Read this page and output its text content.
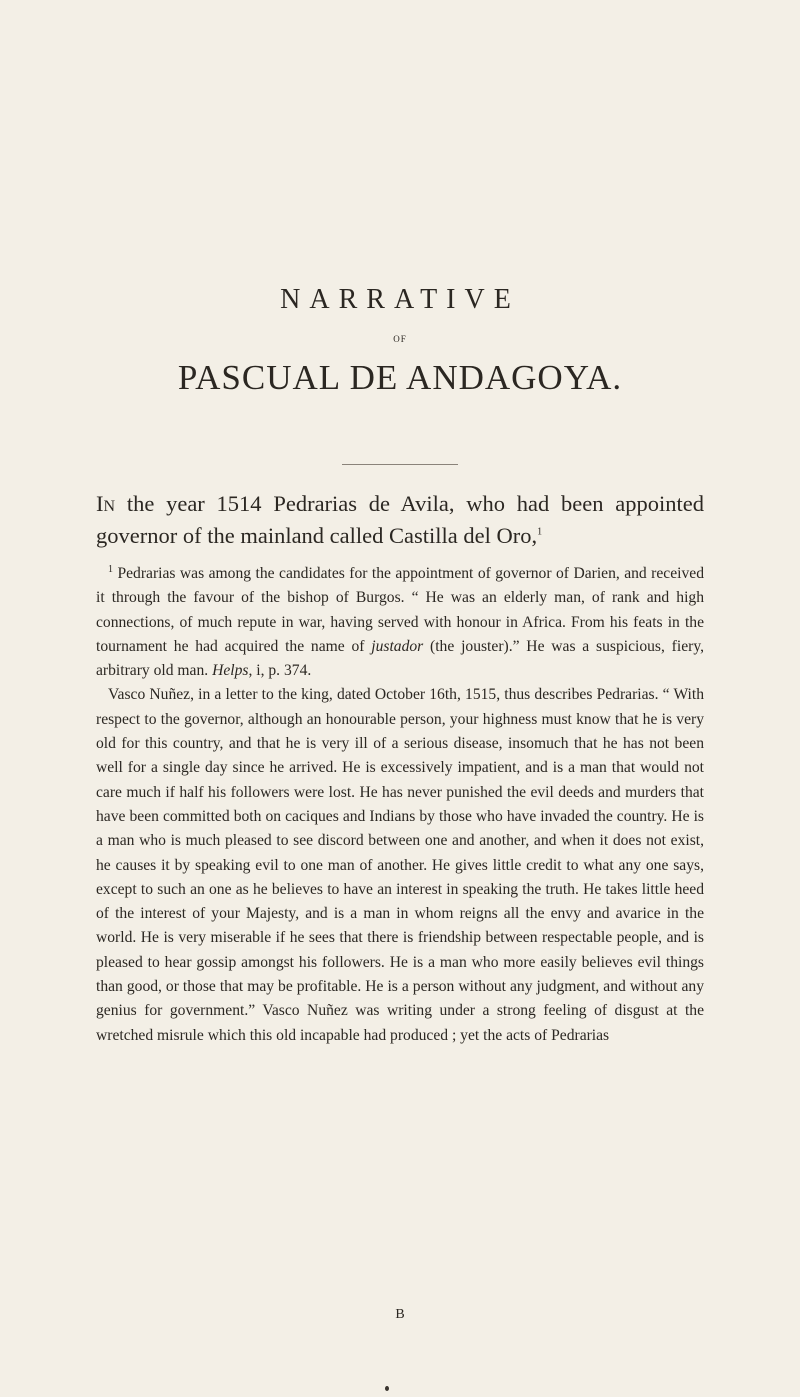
NARRATIVE
OF
PASCUAL DE ANDAGOYA.
In the year 1514 Pedrarias de Avila, who had been appointed governor of the mainland called Castilla del Oro,$^1$
$^1$ Pedrarias was among the candidates for the appointment of governor of Darien, and received it through the favour of the bishop of Burgos. “ He was an elderly man, of rank and high connections, of much repute in war, having served with honour in Africa. From his feats in the tournament he had acquired the name of justador (the jouster).” He was a suspicious, fiery, arbitrary old man. Helps, i, p. 374.
Vasco Nuñez, in a letter to the king, dated October 16th, 1515, thus describes Pedrarias. “ With respect to the governor, although an honourable person, your highness must know that he is very old for this country, and that he is very ill of a serious disease, insomuch that he has not been well for a single day since he arrived. He is excessively impatient, and is a man that would not care much if half his followers were lost. He has never punished the evil deeds and murders that have been committed both on caciques and Indians by those who have invaded the country. He is a man who is much pleased to see discord between one and another, and when it does not exist, he causes it by speaking evil to one man of another. He gives little credit to what any one says, except to such an one as he believes to have an interest in speaking the truth. He takes little heed of the interest of your Majesty, and is a man in whom reigns all the envy and avarice in the world. He is very miserable if he sees that there is friendship between respectable people, and is pleased to hear gossip amongst his followers. He is a man who more easily believes evil things than good, or those that may be profitable. He is a person without any judgment, and without any genius for government.” Vasco Nuñez was writing under a strong feeling of disgust at the wretched misrule which this old incapable had produced ; yet the acts of Pedrarias
B
